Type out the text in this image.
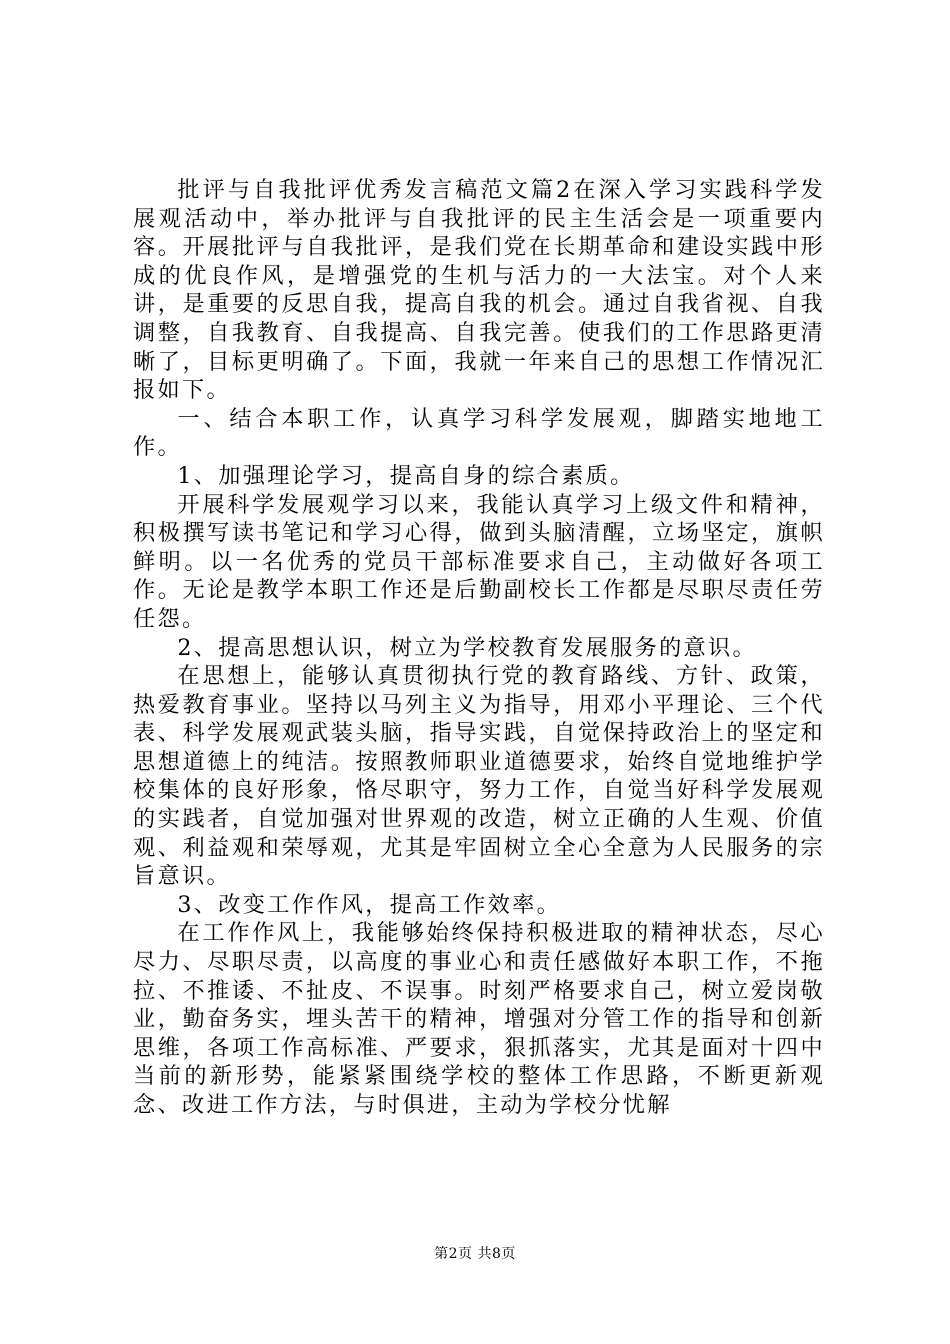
批评与自我批评优秀发言稿范文篇2在深入学习实践科学发展观活动中，举办批评与自我批评的民主生活会是一项重要内容。开展批评与自我批评，是我们党在长期革命和建设实践中形成的优良作风，是增强党的生机与活力的一大法宝。对个人来讲，是重要的反思自我，提高自我的机会。通过自我省视、自我调整，自我教育、自我提高、自我完善。使我们的工作思路更清晰了，目标更明确了。下面，我就一年来自己的思想工作情况汇报如下。

一、结合本职工作，认真学习科学发展观，脚踏实地地工作。

1、加强理论学习，提高自身的综合素质。

开展科学发展观学习以来，我能认真学习上级文件和精神，积极撰写读书笔记和学习心得，做到头脑清醒，立场坚定，旗帜鲜明。以一名优秀的党员干部标准要求自己，主动做好各项工作。无论是教学本职工作还是后勤副校长工作都是尽职尽责任劳任怨。

2、提高思想认识，树立为学校教育发展服务的意识。

在思想上，能够认真贯彻执行党的教育路线、方针、政策，热爱教育事业。坚持以马列主义为指导，用邓小平理论、三个代表、科学发展观武装头脑，指导实践，自觉保持政治上的坚定和思想道德上的纯洁。按照教师职业道德要求，始终自觉地维护学校集体的良好形象，恪尽职守，努力工作，自觉当好科学发展观的实践者，自觉加强对世界观的改造，树立正确的人生观、价值观、利益观和荣辱观，尤其是牢固树立全心全意为人民服务的宗旨意识。

3、改变工作作风，提高工作效率。

在工作作风上，我能够始终保持积极进取的精神状态，尽心尽力、尽职尽责，以高度的事业心和责任感做好本职工作，不拖拉、不推诿、不扯皮、不误事。时刻严格要求自己，树立爱岗敬业，勤奋务实，埋头苦干的精神，增强对分管工作的指导和创新思维，各项工作高标准、严要求，狠抓落实，尤其是面对十四中当前的新形势，能紧紧围绕学校的整体工作思路，不断更新观念、改进工作方法，与时俱进，主动为学校分忧解

第2页 共8页
